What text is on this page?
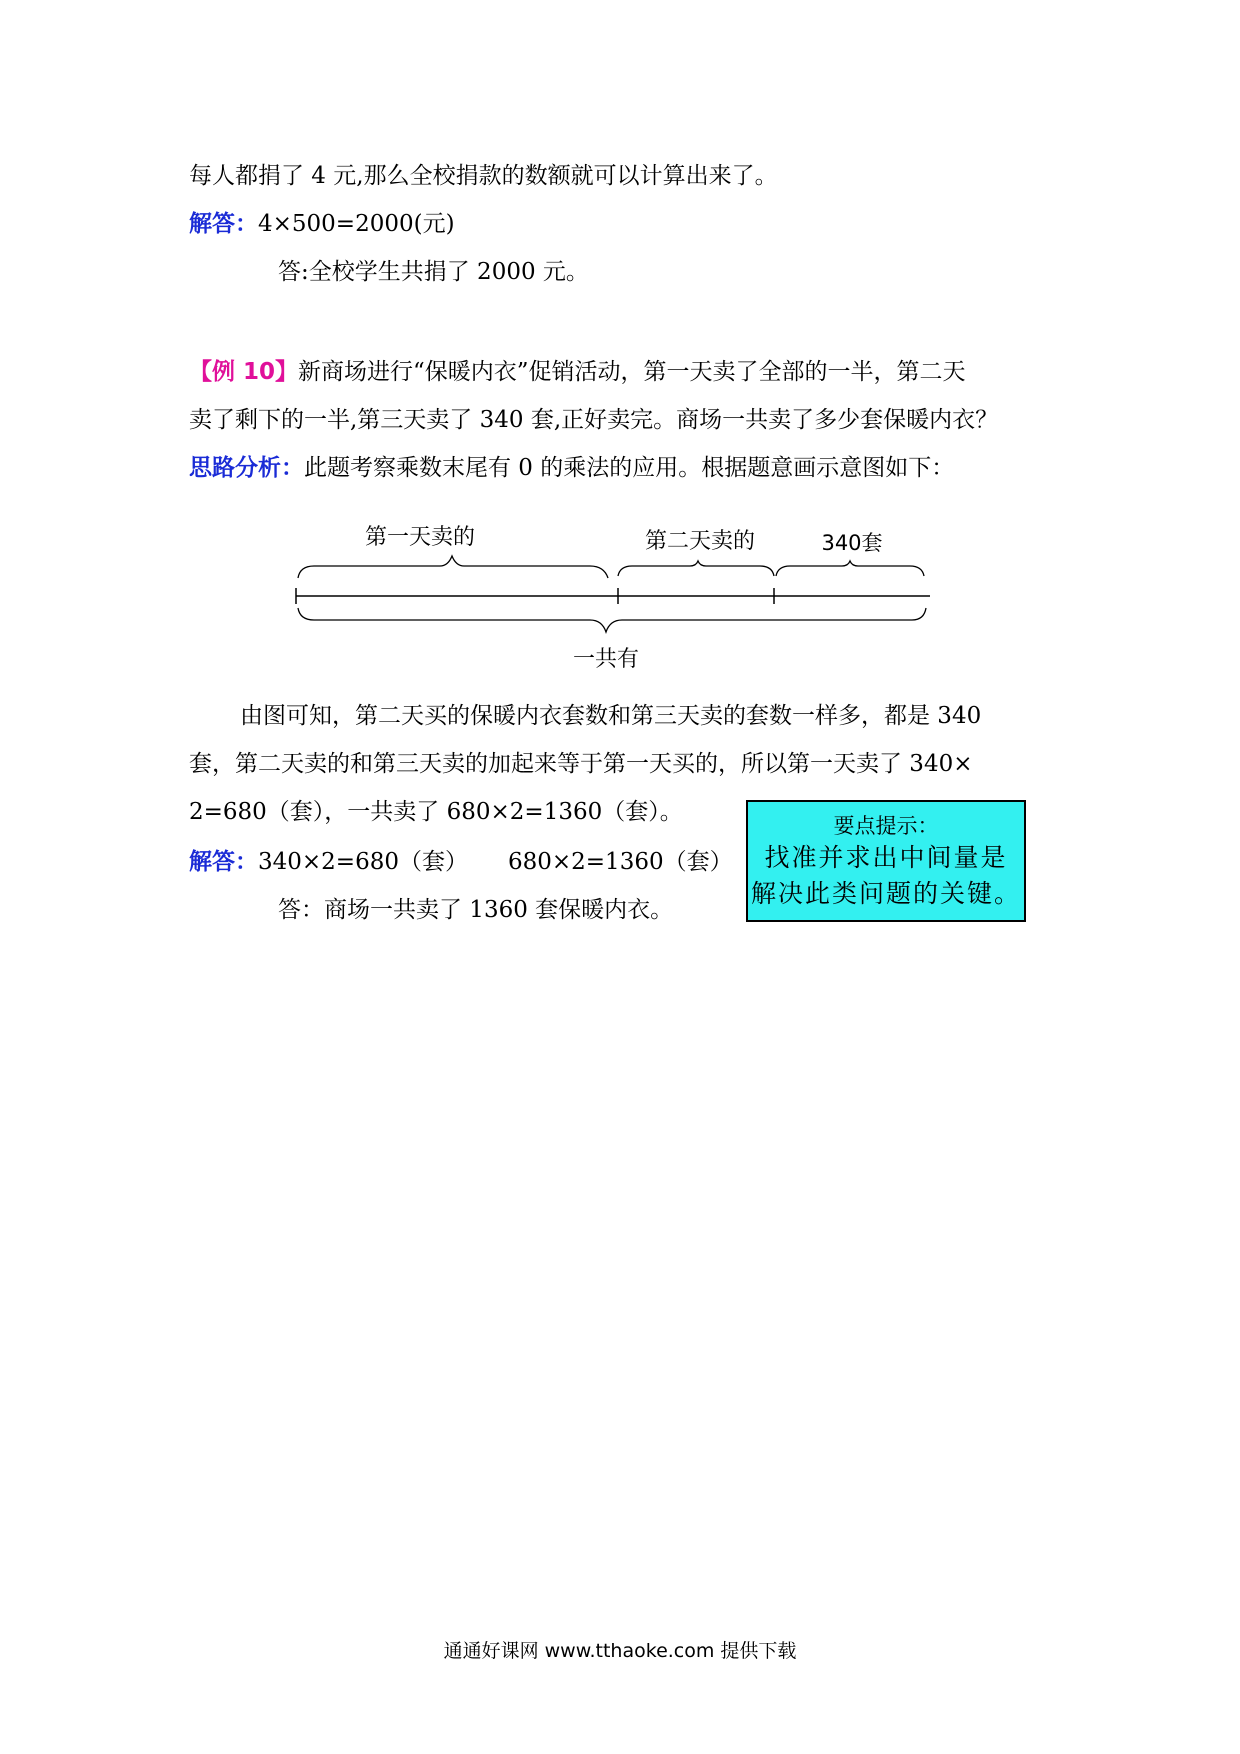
每人都捐了 4 元,那么全校捐款的数额就可以计算出来了。
解答：4×500=2000(元)
答:全校学生共捐了 2000 元。
【例 10】新商场进行“保暖内衣”促销活动，第一天卖了全部的一半，第二天
卖了剩下的一半,第三天卖了 340 套,正好卖完。商场一共卖了多少套保暖内衣？
思路分析：此题考察乘数末尾有 0 的乘法的应用。根据题意画示意图如下：
第一天卖的	第二天卖的	340套
一共有
由图可知，第二天买的保暖内衣套数和第三天卖的套数一样多，都是 340
套，第二天卖的和第三天卖的加起来等于第一天买的，所以第一天卖了 340×
2=680（套），一共卖了 680×2=1360（套）。
解答：340×2=680（套） 680×2=1360（套）
答：商场一共卖了 1360 套保暖内衣。
要点提示：
找准并求出中间量是
解决此类问题的关键。
通通好课网 www.tthaoke.com 提供下载
